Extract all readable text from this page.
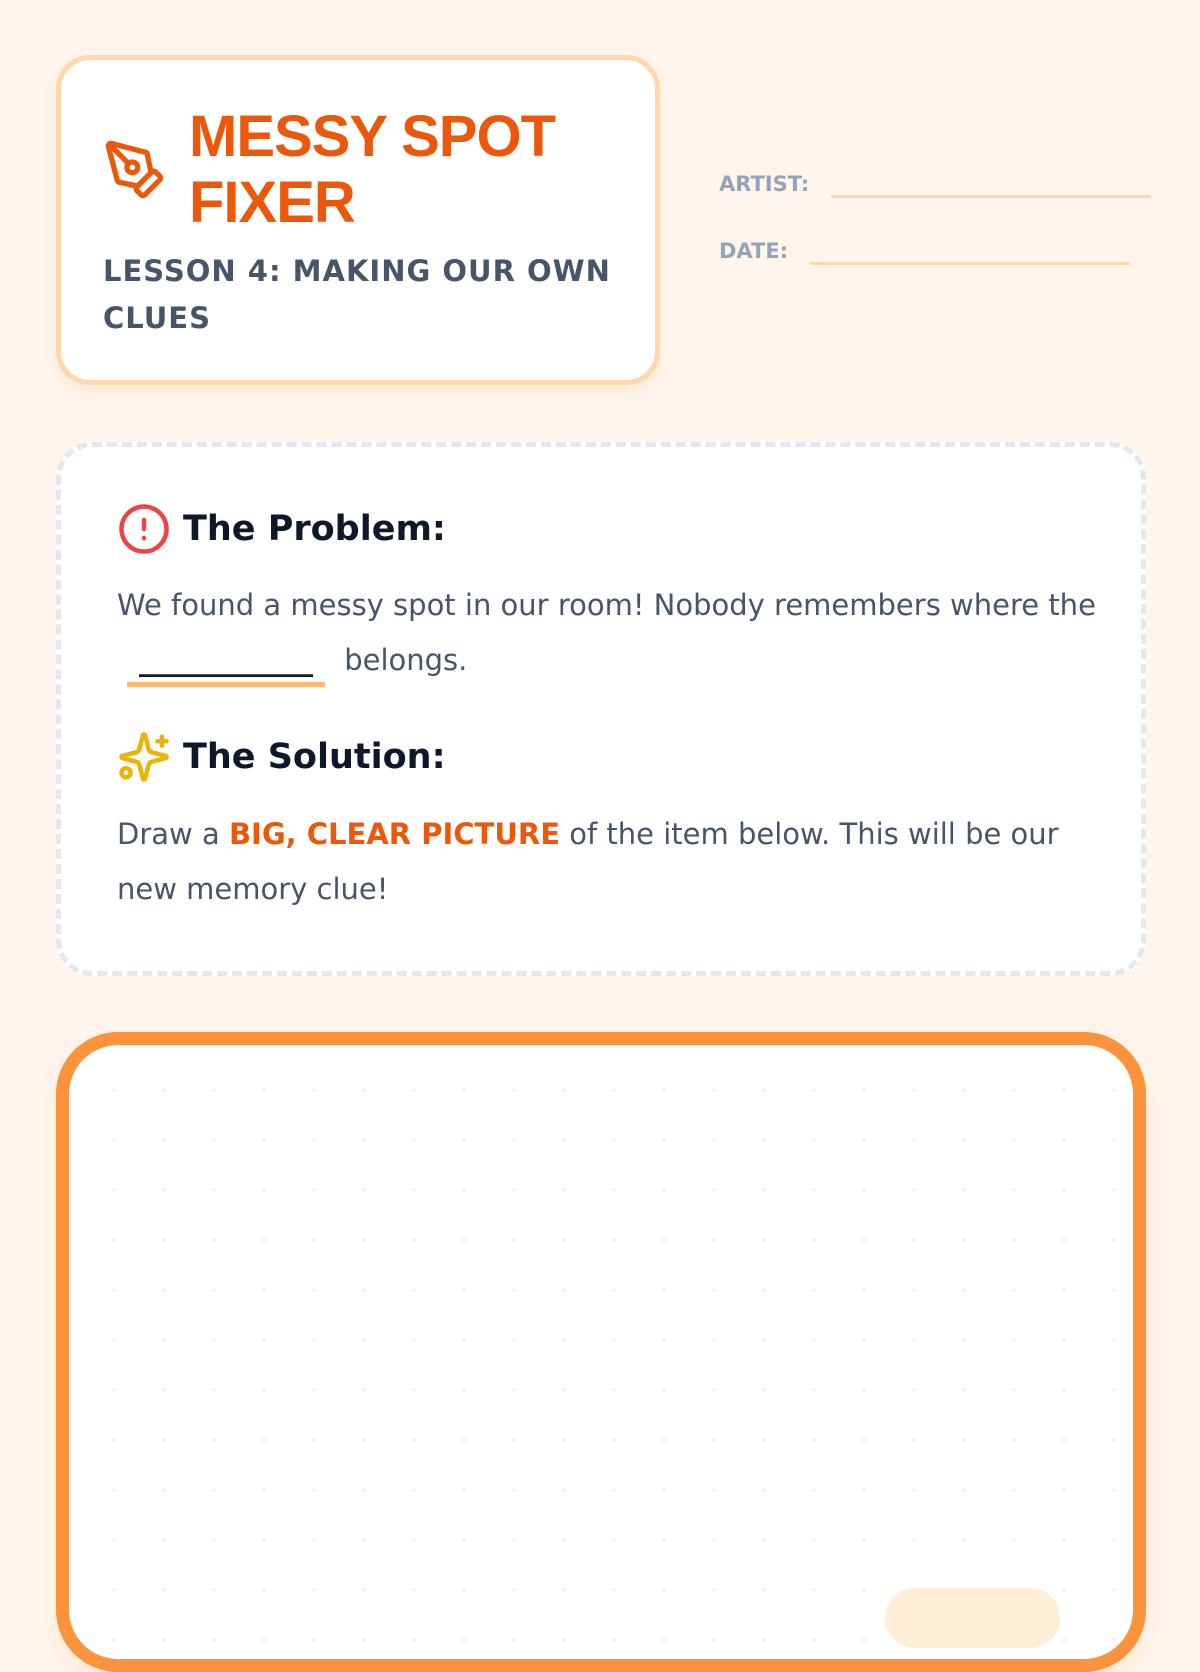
MESSY SPOT FIXER

LESSON 4: MAKING OUR OWN CLUES

ARTIST:
DATE:
The Problem:

We found a messy spot in our room! Nobody remembers where the ____________ belongs.

The Solution:

Draw a BIG, CLEAR PICTURE of the item below. This will be our new memory clue!
